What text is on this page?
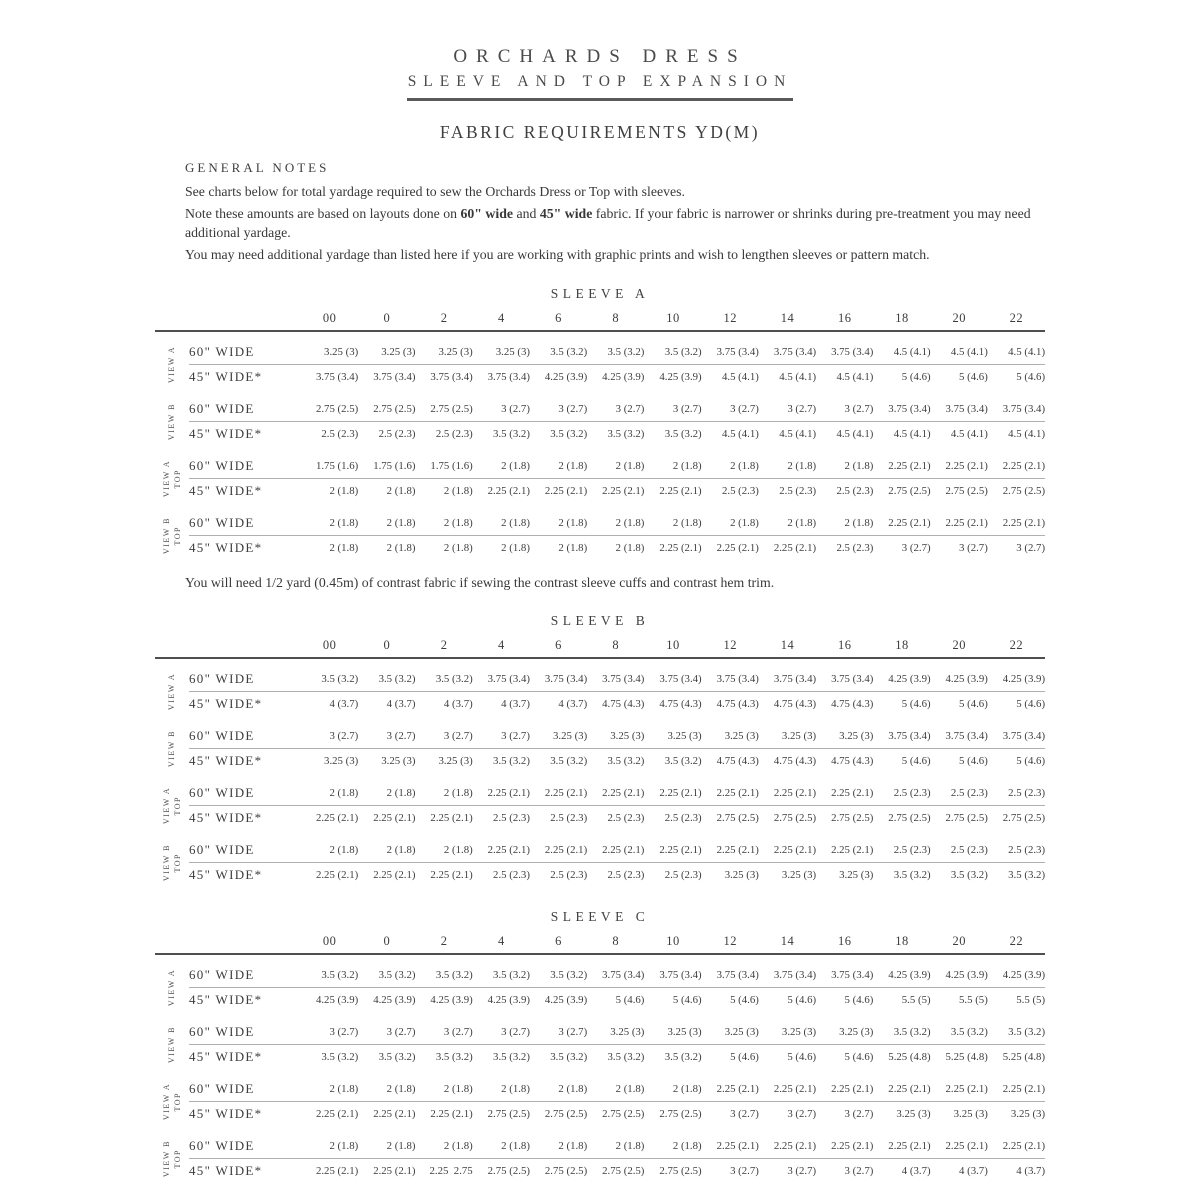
ORCHARDS DRESS
SLEEVE AND TOP EXPANSION
FABRIC REQUIREMENTS YD(M)
GENERAL NOTES

See charts below for total yardage required to sew the Orchards Dress or Top with sleeves.

Note these amounts are based on layouts done on 60" wide and 45" wide fabric. If your fabric is narrower or shrinks during pre-treatment you may need additional yardage.

You may need additional yardage than listed here if you are working with graphic prints and wish to lengthen sleeves or pattern match.

SLEEVE A
00	0	2	4	6	8	10	12	14	16	18	20	22
VIEW A 60" WIDE	3.25 (3)	3.25 (3)	3.25 (3)	3.25 (3)	3.5 (3.2)	3.5 (3.2)	3.5 (3.2)	3.75 (3.4)	3.75 (3.4)	3.75 (3.4)	4.5 (4.1)	4.5 (4.1)	4.5 (4.1)
45" WIDE*	3.75 (3.4)	3.75 (3.4)	3.75 (3.4)	3.75 (3.4)	4.25 (3.9)	4.25 (3.9)	4.25 (3.9)	4.5 (4.1)	4.5 (4.1)	4.5 (4.1)	5 (4.6)	5 (4.6)	5 (4.6)
VIEW B 60" WIDE	2.75 (2.5)	2.75 (2.5)	2.75 (2.5)	3 (2.7)	3 (2.7)	3 (2.7)	3 (2.7)	3 (2.7)	3 (2.7)	3 (2.7)	3.75 (3.4)	3.75 (3.4)	3.75 (3.4)
45" WIDE*	2.5 (2.3)	2.5 (2.3)	2.5 (2.3)	3.5 (3.2)	3.5 (3.2)	3.5 (3.2)	3.5 (3.2)	4.5 (4.1)	4.5 (4.1)	4.5 (4.1)	4.5 (4.1)	4.5 (4.1)	4.5 (4.1)
VIEW A TOP
60" WIDE	1.75 (1.6)	1.75 (1.6)	1.75 (1.6)	2 (1.8)	2 (1.8)	2 (1.8)	2 (1.8)	2 (1.8)	2 (1.8)	2 (1.8)	2.25 (2.1)	2.25 (2.1)	2.25 (2.1)
45" WIDE*	2 (1.8)	2 (1.8)	2 (1.8)	2.25 (2.1)	2.25 (2.1)	2.25 (2.1)	2.25 (2.1)	2.5 (2.3)	2.5 (2.3)	2.5 (2.3)	2.75 (2.5)	2.75 (2.5)	2.75 (2.5)
VIEW B TOP
60" WIDE	2 (1.8)	2 (1.8)	2 (1.8)	2 (1.8)	2 (1.8)	2 (1.8)	2 (1.8)	2 (1.8)	2 (1.8)	2 (1.8)	2.25 (2.1)	2.25 (2.1)	2.25 (2.1)
45" WIDE*	2 (1.8)	2 (1.8)	2 (1.8)	2 (1.8)	2 (1.8)	2 (1.8)	2.25 (2.1)	2.25 (2.1)	2.25 (2.1)	2.5 (2.3)	3 (2.7)	3 (2.7)	3 (2.7)
You will need 1/2 yard (0.45m) of contrast fabric if sewing the contrast sleeve cuffs and contrast hem trim.
SLEEVE B
00	0	2	4	6	8	10	12	14	16	18	20	22
VIEW A 60" WIDE	3.5 (3.2)	3.5 (3.2)	3.5 (3.2)	3.75 (3.4)	3.75 (3.4)	3.75 (3.4)	3.75 (3.4)	3.75 (3.4)	3.75 (3.4)	3.75 (3.4)	4.25 (3.9)	4.25 (3.9)	4.25 (3.9)
45" WIDE*	4 (3.7)	4 (3.7)	4 (3.7)	4 (3.7)	4 (3.7)	4.75 (4.3)	4.75 (4.3)	4.75 (4.3)	4.75 (4.3)	4.75 (4.3)	5 (4.6)	5 (4.6)	5 (4.6)
VIEW B 60" WIDE	3 (2.7)	3 (2.7)	3 (2.7)	3 (2.7)	3.25 (3)	3.25 (3)	3.25 (3)	3.25 (3)	3.25 (3)	3.25 (3)	3.75 (3.4)	3.75 (3.4)	3.75 (3.4)
45" WIDE*	3.25 (3)	3.25 (3)	3.25 (3)	3.5 (3.2)	3.5 (3.2)	3.5 (3.2)	3.5 (3.2)	4.75 (4.3)	4.75 (4.3)	4.75 (4.3)	5 (4.6)	5 (4.6)	5 (4.6)
VIEW A TOP
60" WIDE	2 (1.8)	2 (1.8)	2 (1.8)	2.25 (2.1)	2.25 (2.1)	2.25 (2.1)	2.25 (2.1)	2.25 (2.1)	2.25 (2.1)	2.25 (2.1)	2.5 (2.3)	2.5 (2.3)	2.5 (2.3)
45" WIDE*	2.25 (2.1)	2.25 (2.1)	2.25 (2.1)	2.5 (2.3)	2.5 (2.3)	2.5 (2.3)	2.5 (2.3)	2.75 (2.5)	2.75 (2.5)	2.75 (2.5)	2.75 (2.5)	2.75 (2.5)	2.75 (2.5)
VIEW B TOP
60" WIDE	2 (1.8)	2 (1.8)	2 (1.8)	2.25 (2.1)	2.25 (2.1)	2.25 (2.1)	2.25 (2.1)	2.25 (2.1)	2.25 (2.1)	2.25 (2.1)	2.5 (2.3)	2.5 (2.3)	2.5 (2.3)
45" WIDE*	2.25 (2.1)	2.25 (2.1)	2.25 (2.1)	2.5 (2.3)	2.5 (2.3)	2.5 (2.3)	2.5 (2.3)	3.25 (3)	3.25 (3)	3.25 (3)	3.5 (3.2)	3.5 (3.2)	3.5 (3.2)
SLEEVE C
00	0	2	4	6	8	10	12	14	16	18	20	22
VIEW A 60" WIDE	3.5 (3.2)	3.5 (3.2)	3.5 (3.2)	3.5 (3.2)	3.5 (3.2)	3.75 (3.4)	3.75 (3.4)	3.75 (3.4)	3.75 (3.4)	3.75 (3.4)	4.25 (3.9)	4.25 (3.9)	4.25 (3.9)
45" WIDE*	4.25 (3.9)	4.25 (3.9)	4.25 (3.9)	4.25 (3.9)	4.25 (3.9)	5 (4.6)	5 (4.6)	5 (4.6)	5 (4.6)	5 (4.6)	5.5 (5)	5.5 (5)	5.5 (5)
VIEW B 60" WIDE	3 (2.7)	3 (2.7)	3 (2.7)	3 (2.7)	3 (2.7)	3.25 (3)	3.25 (3)	3.25 (3)	3.25 (3)	3.25 (3)	3.5 (3.2)	3.5 (3.2)	3.5 (3.2)
45" WIDE*	3.5 (3.2)	3.5 (3.2)	3.5 (3.2)	3.5 (3.2)	3.5 (3.2)	3.5 (3.2)	3.5 (3.2)	5 (4.6)	5 (4.6)	5 (4.6)	5.25 (4.8)	5.25 (4.8)	5.25 (4.8)
VIEW A TOP
60" WIDE	2 (1.8)	2 (1.8)	2 (1.8)	2 (1.8)	2 (1.8)	2 (1.8)	2 (1.8)	2.25 (2.1)	2.25 (2.1)	2.25 (2.1)	2.25 (2.1)	2.25 (2.1)	2.25 (2.1)
45" WIDE*	2.25 (2.1)	2.25 (2.1)	2.25 (2.1)	2.75 (2.5)	2.75 (2.5)	2.75 (2.5)	2.75 (2.5)	3 (2.7)	3 (2.7)	3 (2.7)	3.25 (3)	3.25 (3)	3.25 (3)
VIEW B TOP
60" WIDE	2 (1.8)	2 (1.8)	2 (1.8)	2 (1.8)	2 (1.8)	2 (1.8)	2 (1.8)	2.25 (2.1)	2.25 (2.1)	2.25 (2.1)	2.25 (2.1)	2.25 (2.1)	2.25 (2.1)
45" WIDE*	2.25 (2.1)	2.25 (2.1)	2.25  2.75	2.75 (2.5)	2.75 (2.5)	2.75 (2.5)	2.75 (2.5)	3 (2.7)	3 (2.7)	3 (2.7)	4 (3.7)	4 (3.7)	4 (3.7)
